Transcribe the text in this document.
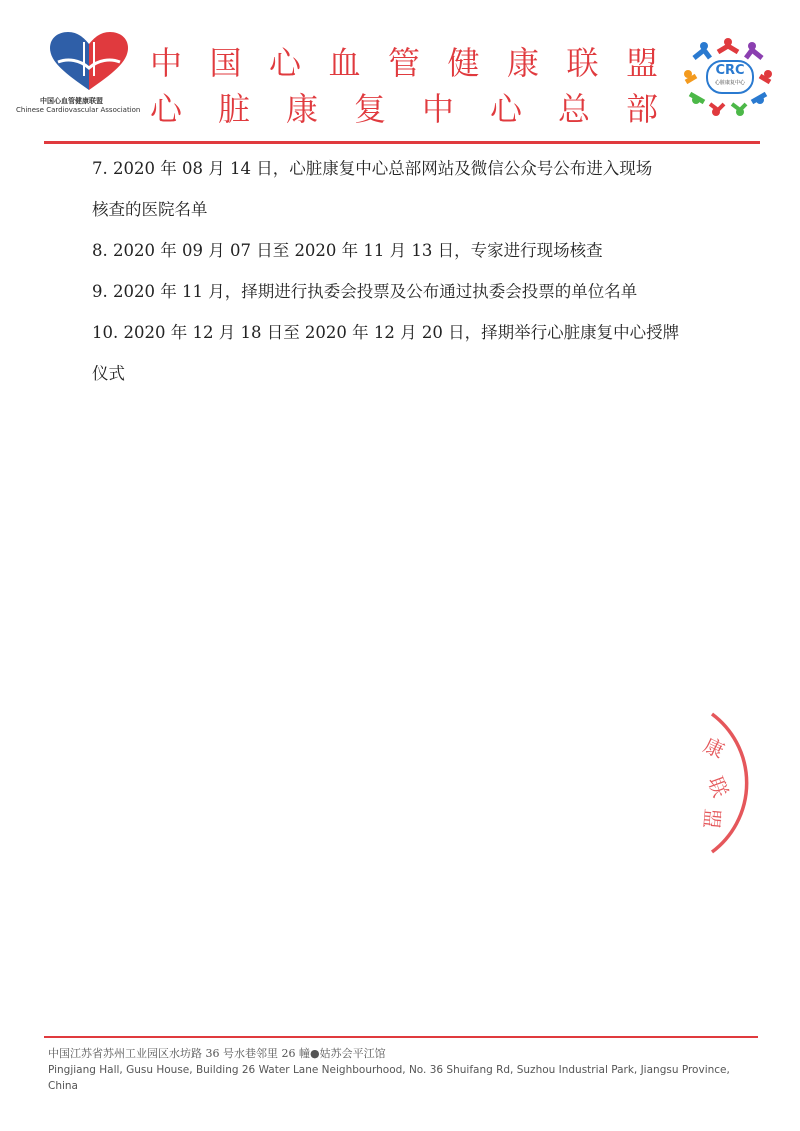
中国心血管健康联盟
Chinese Cardiovascular Association
中国心血管健康联盟
心脏康复中心总部
CRC
心脏康复中心

7. 2020 年 08 月 14 日，心脏康复中心总部网站及微信公众号公布进入现场

核查的医院名单

8. 2020 年 09 月 07 日至 2020 年 11 月 13 日，专家进行现场核查

9. 2020 年 11 月，择期进行执委会投票及公布通过执委会投票的单位名单

10. 2020 年 12 月 18 日至 2020 年 12 月 20 日，择期举行心脏康复中心授牌

仪式

康
联
盟
中国江苏省苏州工业园区水坊路 36 号水巷邻里 26 幢●姑苏会平江馆
Pingjiang Hall, Gusu House, Building 26 Water Lane Neighbourhood, No. 36 Shuifang Rd, Suzhou Industrial Park, Jiangsu Province, China
